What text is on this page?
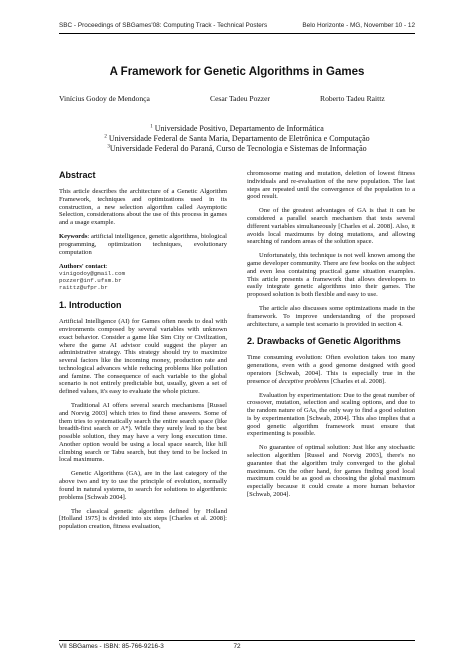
SBC - Proceedings of SBGames'08: Computing Track - Technical Posters	Belo Horizonte - MG, November 10 - 12
A Framework for Genetic Algorithms in Games
Vinícius Godoy de Mendonça	Cesar Tadeu Pozzer	Roberto Tadeu Raittz
$^1$ Universidade Positivo, Departamento de Informática
$^2$ Universidade Federal de Santa Maria, Departamento de Eletrônica e Computação
$^3$Universidade Federal do Paraná, Curso de Tecnologia e Sistemas de Informação
Abstract

This article describes the architecture of a Genetic Algorithm Framework, techniques and optimizations used in its construction, a new selection algorithm called Asymptotic Selection, considerations about the use of this process in games and a usage example.

Keywords: artificial intelligence, genetic algorithms, biological programming, optimization techniques, evolutionary computation

Authors' contact:

vinigodoy@gmail.com
pozzer@inf.ufsm.br
raittz@ufpr.br
1. Introduction

Artificial Intelligence (AI) for Games often needs to deal with environments composed by several variables with unknown exact behavior. Consider a game like Sim City or Civilization, where the game AI advisor could suggest the player an administrative strategy. This strategy should try to maximize several factors like the incoming money, production rate and technological advances while reducing problems like pollution and famine. The consequence of each variable to the global scenario is not entirely predictable but, usually, given a set of defined values, it's easy to evaluate the whole picture.

Traditional AI offers several search mechanisms [Russel and Norvig 2003] which tries to find these answers. Some of them tries to systematically search the entire search space (like breadth-first search or A*). While they surely lead to the best possible solution, they may have a very long execution time. Another option would be using a local space search, like hill climbing search or Tabu search, but they tend to be locked in local maximums.

Genetic Algorithms (GA), are in the last category of the above two and try to use the principle of evolution, normally found in natural systems, to search for solutions to algorithmic problems [Schwab 2004].

The classical genetic algorithm defined by Holland [Holland 1975] is divided into six steps [Charles et al. 2008]: population creation, fitness evaluation,

chromosome mating and mutation, deletion of lowest fitness individuals and re-evaluation of the new population. The last steps are repeated until the convergence of the population to a good result.

One of the greatest advantages of GA is that it can be considered a parallel search mechanism that tests several different variables simultaneously [Charles et al. 2008]. Also, it avoids local maximums by doing mutations, and allowing searching of random areas of the solution space.

Unfortunately, this technique is not well known among the game developer community. There are few books on the subject and even less containing practical game situation examples. This article presents a framework that allows developers to easily integrate genetic algorithms into their games. The proposed solution is both flexible and easy to use.

The article also discusses some optimizations made in the framework. To improve understanding of the proposed architecture, a sample test scenario is provided in section 4.

2. Drawbacks of Genetic Algorithms

Time consuming evolution: Often evolution takes too many generations, even with a good genome designed with good operators [Schwab, 2004]. This is especially true in the presence of deceptive problems [Charles et al. 2008].

Evaluation by experimentation: Due to the great number of crossover, mutation, selection and scaling options, and due to the random nature of GAs, the only way to find a good solution is by experimentation [Schwab, 2004]. This also implies that a good genetic algorithm framework must ensure that experimenting is possible.

No guarantee of optimal solution: Just like any stochastic selection algorithm [Russel and Norvig 2003], there's no guarantee that the algorithm truly converged to the global maximum. On the other hand, for games finding good local maximum could be as good as choosing the global maximum especially because it could create a more human behavior [Schwab, 2004].

VII SBGames - ISBN: 85-766-9216-3	72
